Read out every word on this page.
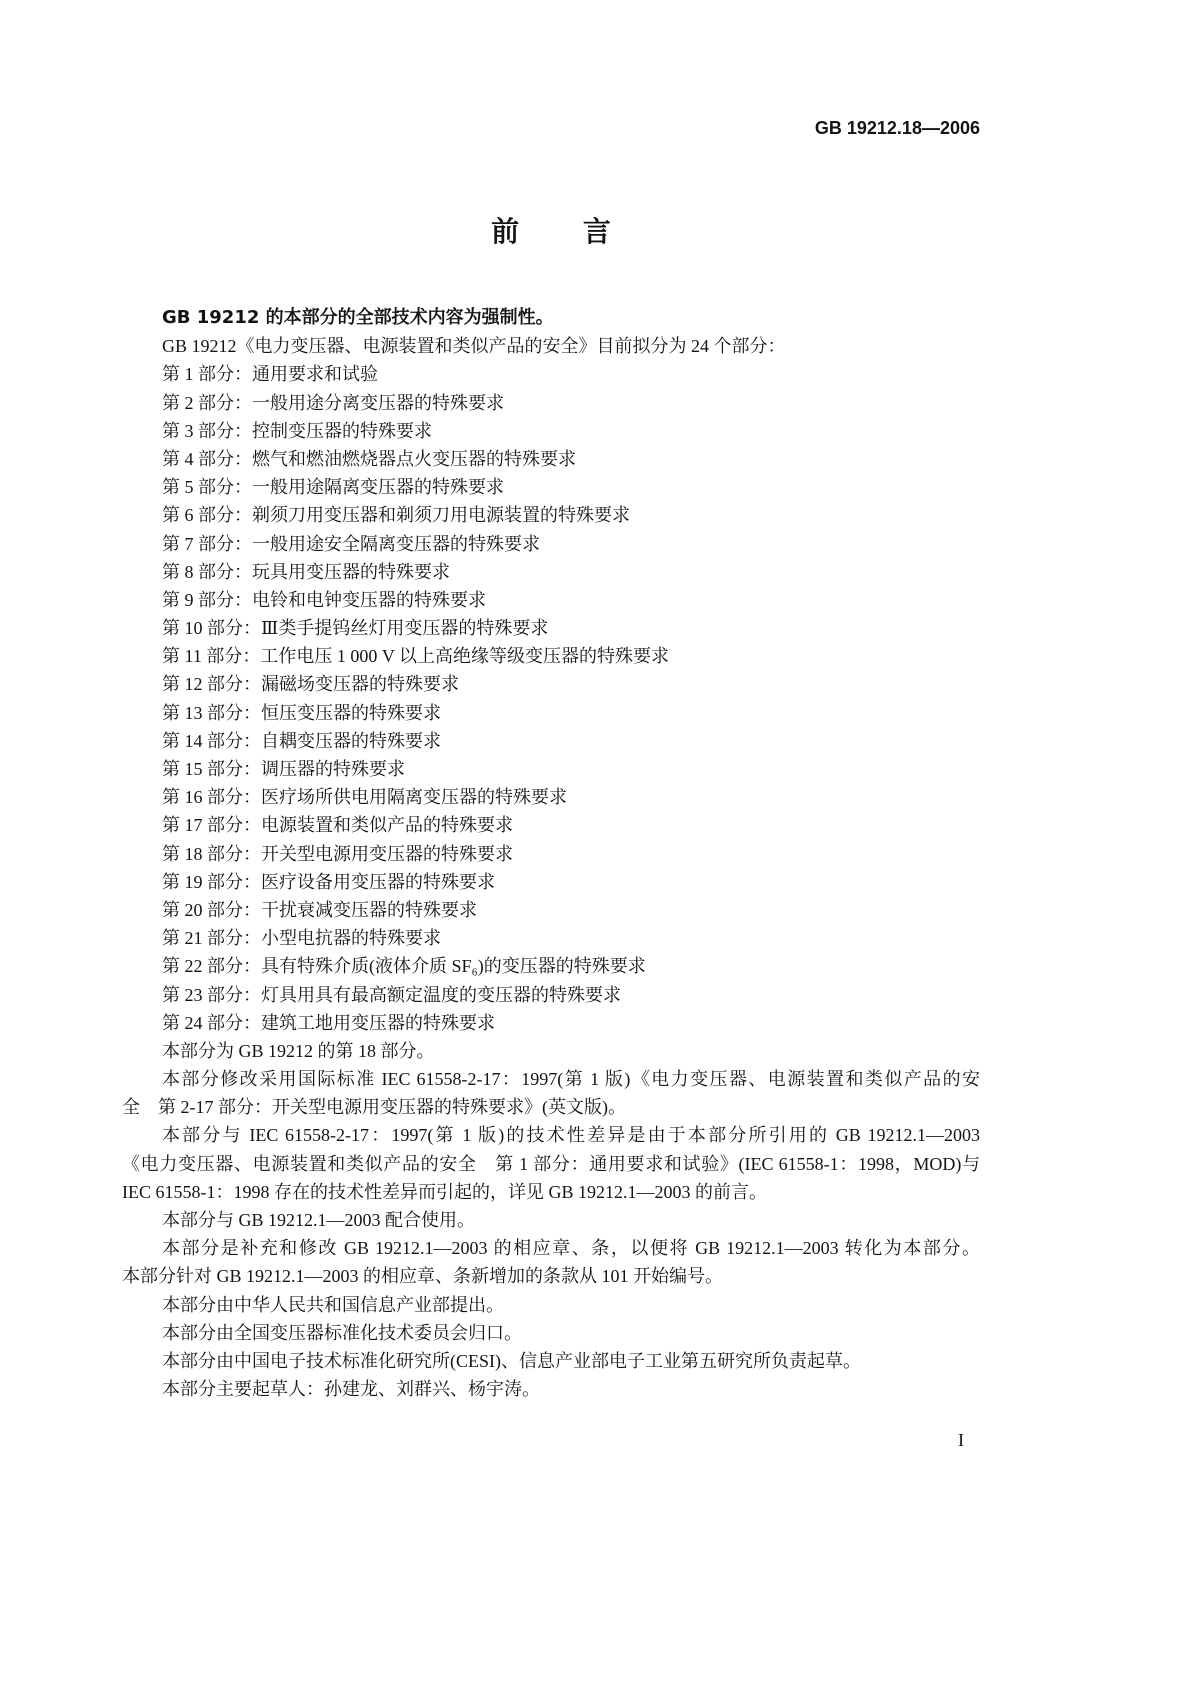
GB 19212.18—2006
前 言
GB 19212 的本部分的全部技术内容为强制性。
GB 19212《电力变压器、电源装置和类似产品的安全》目前拟分为 24 个部分：
第 1 部分：通用要求和试验
第 2 部分：一般用途分离变压器的特殊要求
第 3 部分：控制变压器的特殊要求
第 4 部分：燃气和燃油燃烧器点火变压器的特殊要求
第 5 部分：一般用途隔离变压器的特殊要求
第 6 部分：剃须刀用变压器和剃须刀用电源装置的特殊要求
第 7 部分：一般用途安全隔离变压器的特殊要求
第 8 部分：玩具用变压器的特殊要求
第 9 部分：电铃和电钟变压器的特殊要求
第 10 部分：Ⅲ类手提钨丝灯用变压器的特殊要求
第 11 部分：工作电压 1 000 V 以上高绝缘等级变压器的特殊要求
第 12 部分：漏磁场变压器的特殊要求
第 13 部分：恒压变压器的特殊要求
第 14 部分：自耦变压器的特殊要求
第 15 部分：调压器的特殊要求
第 16 部分：医疗场所供电用隔离变压器的特殊要求
第 17 部分：电源装置和类似产品的特殊要求
第 18 部分：开关型电源用变压器的特殊要求
第 19 部分：医疗设备用变压器的特殊要求
第 20 部分：干扰衰减变压器的特殊要求
第 21 部分：小型电抗器的特殊要求
第 22 部分：具有特殊介质(液体介质 SF₆)的变压器的特殊要求
第 23 部分：灯具用具有最高额定温度的变压器的特殊要求
第 24 部分：建筑工地用变压器的特殊要求
本部分为 GB 19212 的第 18 部分。
本部分修改采用国际标准 IEC 61558-2-17：1997(第 1 版)《电力变压器、电源装置和类似产品的安
全　第 2-17 部分：开关型电源用变压器的特殊要求》(英文版)。
本部分与 IEC 61558-2-17：1997(第 1 版)的技术性差异是由于本部分所引用的 GB 19212.1—2003
《电力变压器、电源装置和类似产品的安全　第 1 部分：通用要求和试验》(IEC 61558-1：1998，MOD)与
IEC 61558-1：1998 存在的技术性差异而引起的，详见 GB 19212.1—2003 的前言。
本部分与 GB 19212.1—2003 配合使用。
本部分是补充和修改 GB 19212.1—2003 的相应章、条，以便将 GB 19212.1—2003 转化为本部分。
本部分针对 GB 19212.1—2003 的相应章、条新增加的条款从 101 开始编号。
本部分由中华人民共和国信息产业部提出。
本部分由全国变压器标准化技术委员会归口。
本部分由中国电子技术标准化研究所(CESI)、信息产业部电子工业第五研究所负责起草。
本部分主要起草人：孙建龙、刘群兴、杨宇涛。
I
